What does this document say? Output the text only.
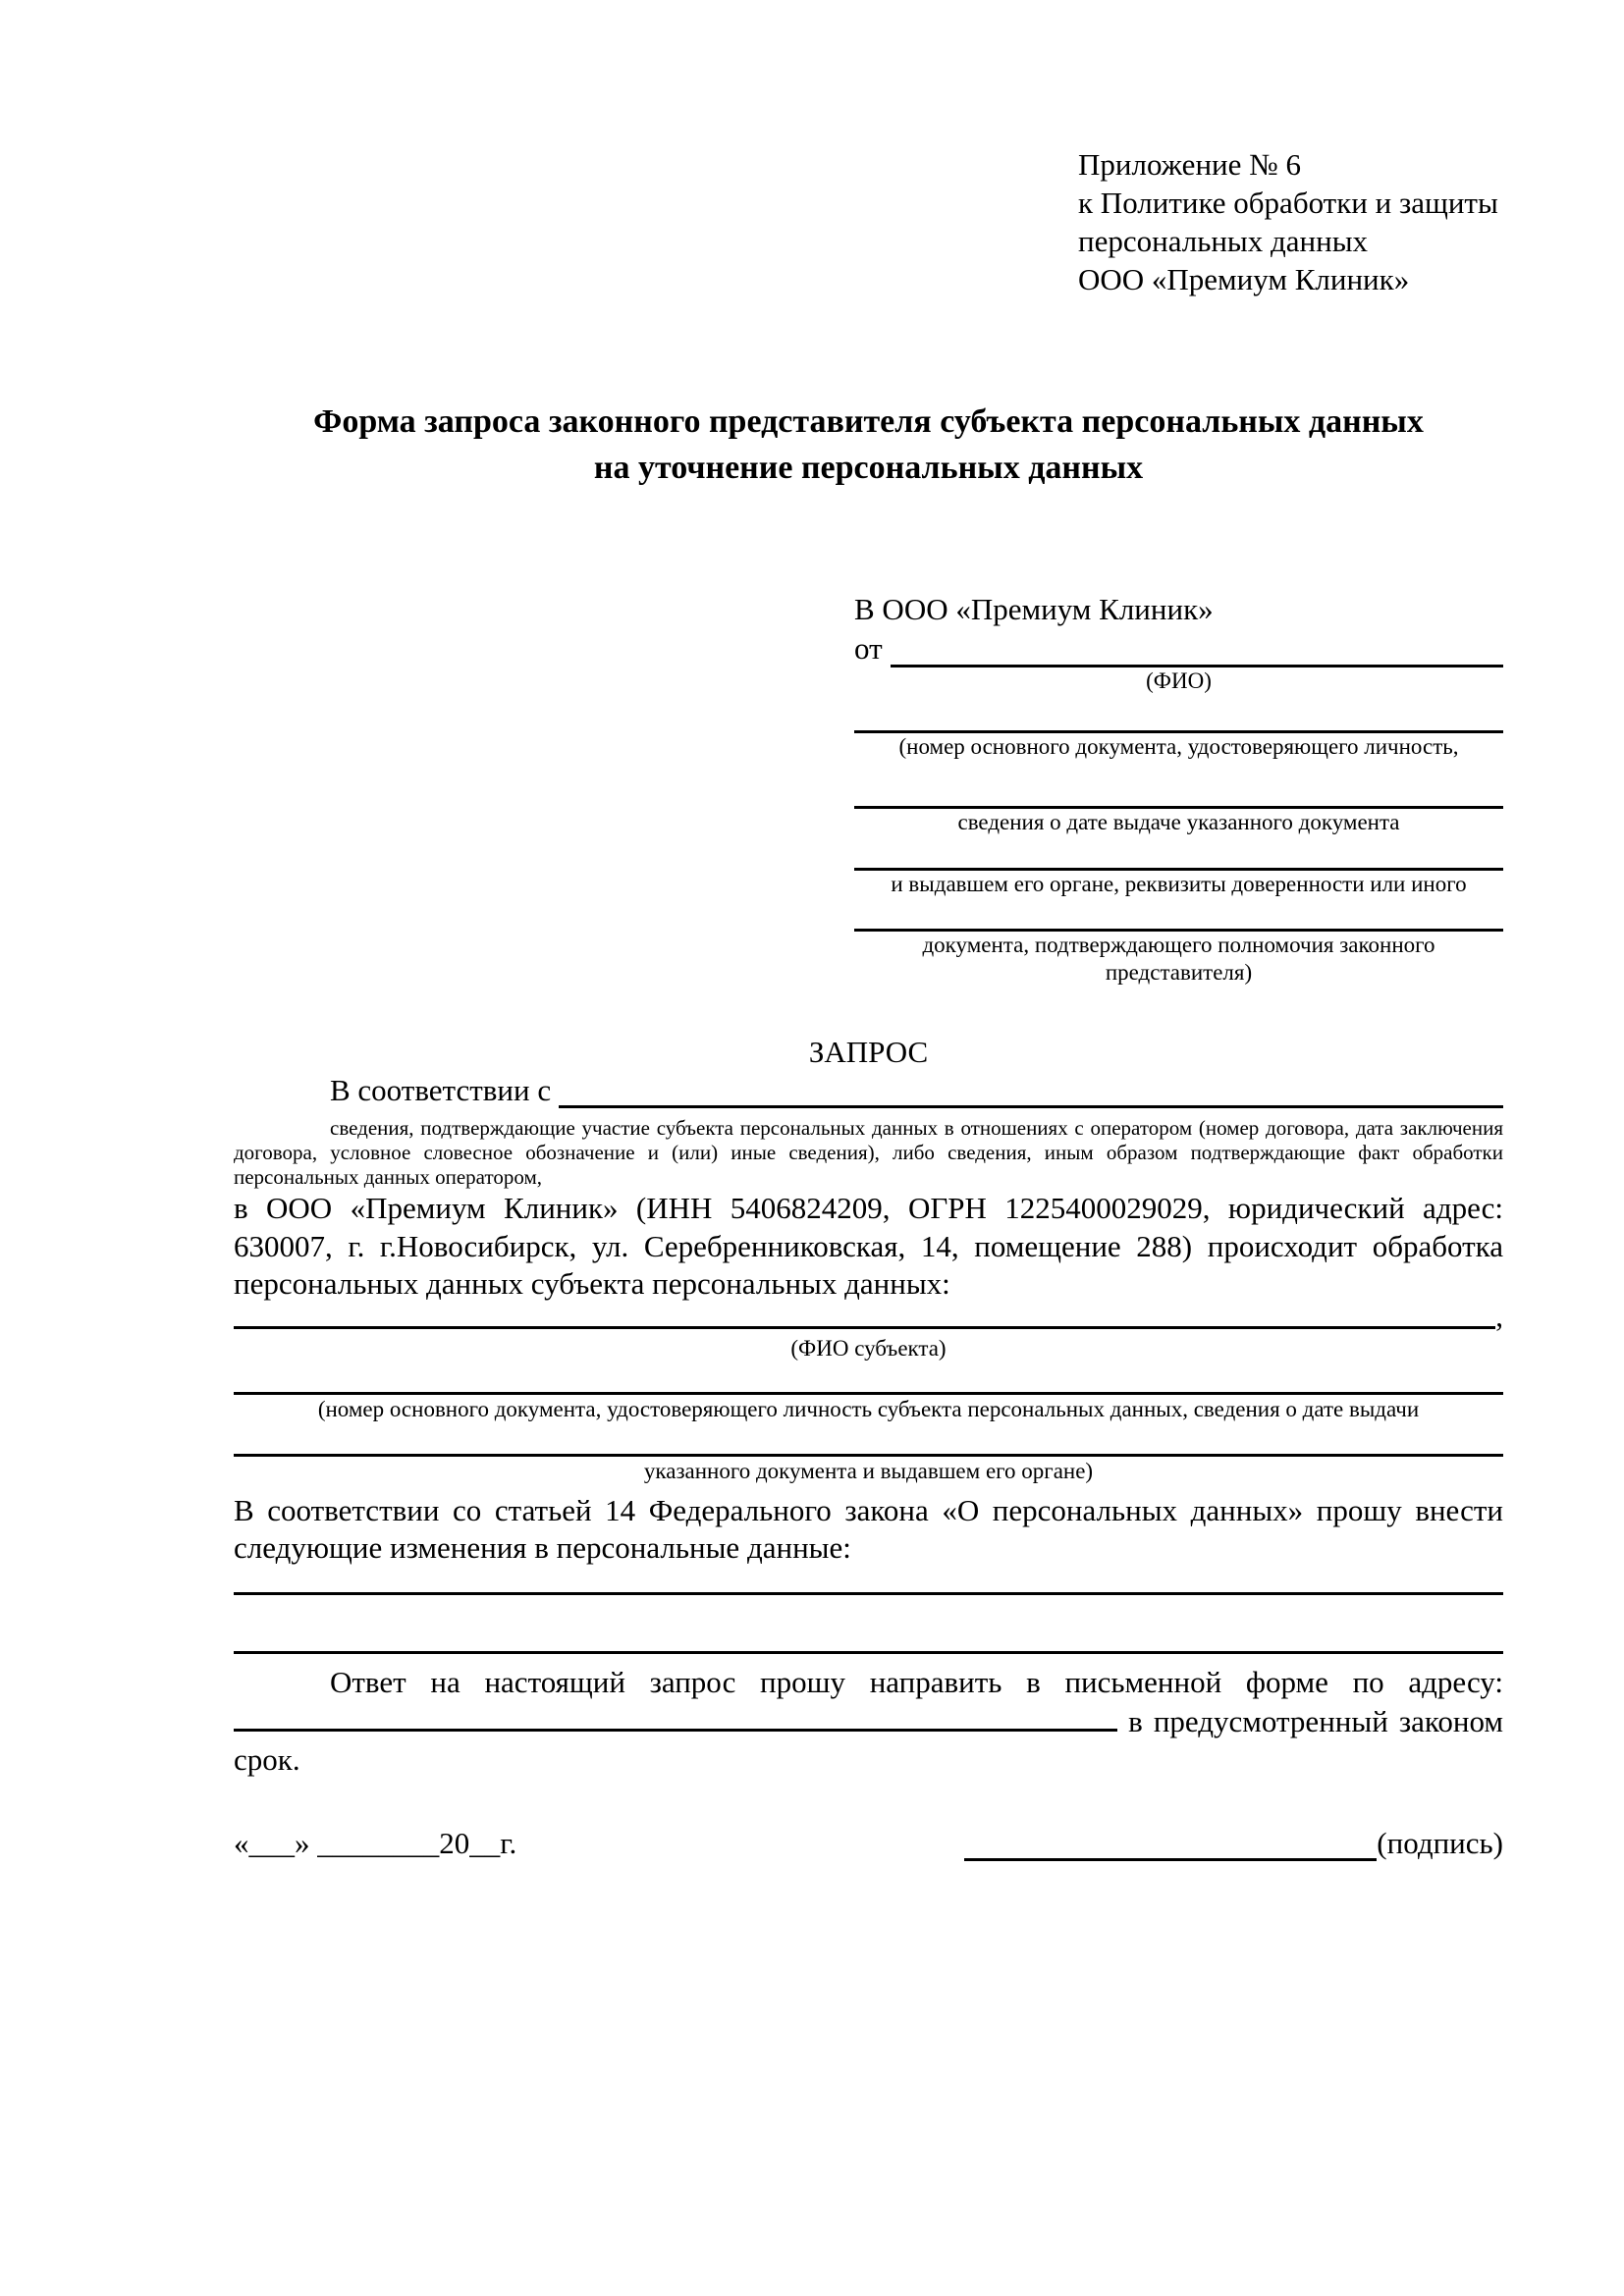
Приложение № 6
к Политике обработки и защиты
персональных данных
ООО «Премиум Клиник»
Форма запроса законного представителя субъекта персональных данных
на уточнение персональных данных
В ООО «Премиум Клиник»
от
(ФИО)
(номер основного документа, удостоверяющего личность,
сведения о дате выдаче указанного документа
и выдавшем его органе, реквизиты доверенности или иного
документа, подтверждающего полномочия законного представителя)
ЗАПРОС
В соответствии с
сведения, подтверждающие участие субъекта персональных данных в отношениях с оператором (номер договора, дата заключения договора, условное словесное обозначение и (или) иные сведения), либо сведения, иным образом подтверждающие факт обработки персональных данных оператором,
в ООО «Премиум Клиник» (ИНН 5406824209, ОГРН 1225400029029, юридический адрес: 630007, г. г.Новосибирск, ул. Серебренниковская, 14, помещение 288) происходит обработка персональных данных субъекта персональных данных:
,
(ФИО субъекта)
(номер основного документа, удостоверяющего личность субъекта персональных данных, сведения о дате выдачи
указанного документа и выдавшем его органе)
В соответствии со статьей 14 Федерального закона «О персональных данных» прошу внести следующие изменения в персональные данные:
Ответ на настоящий запрос прошу направить в письменной форме по адресу:  в предусмотренный законом срок.
«___» ________20__г.	(подпись)
